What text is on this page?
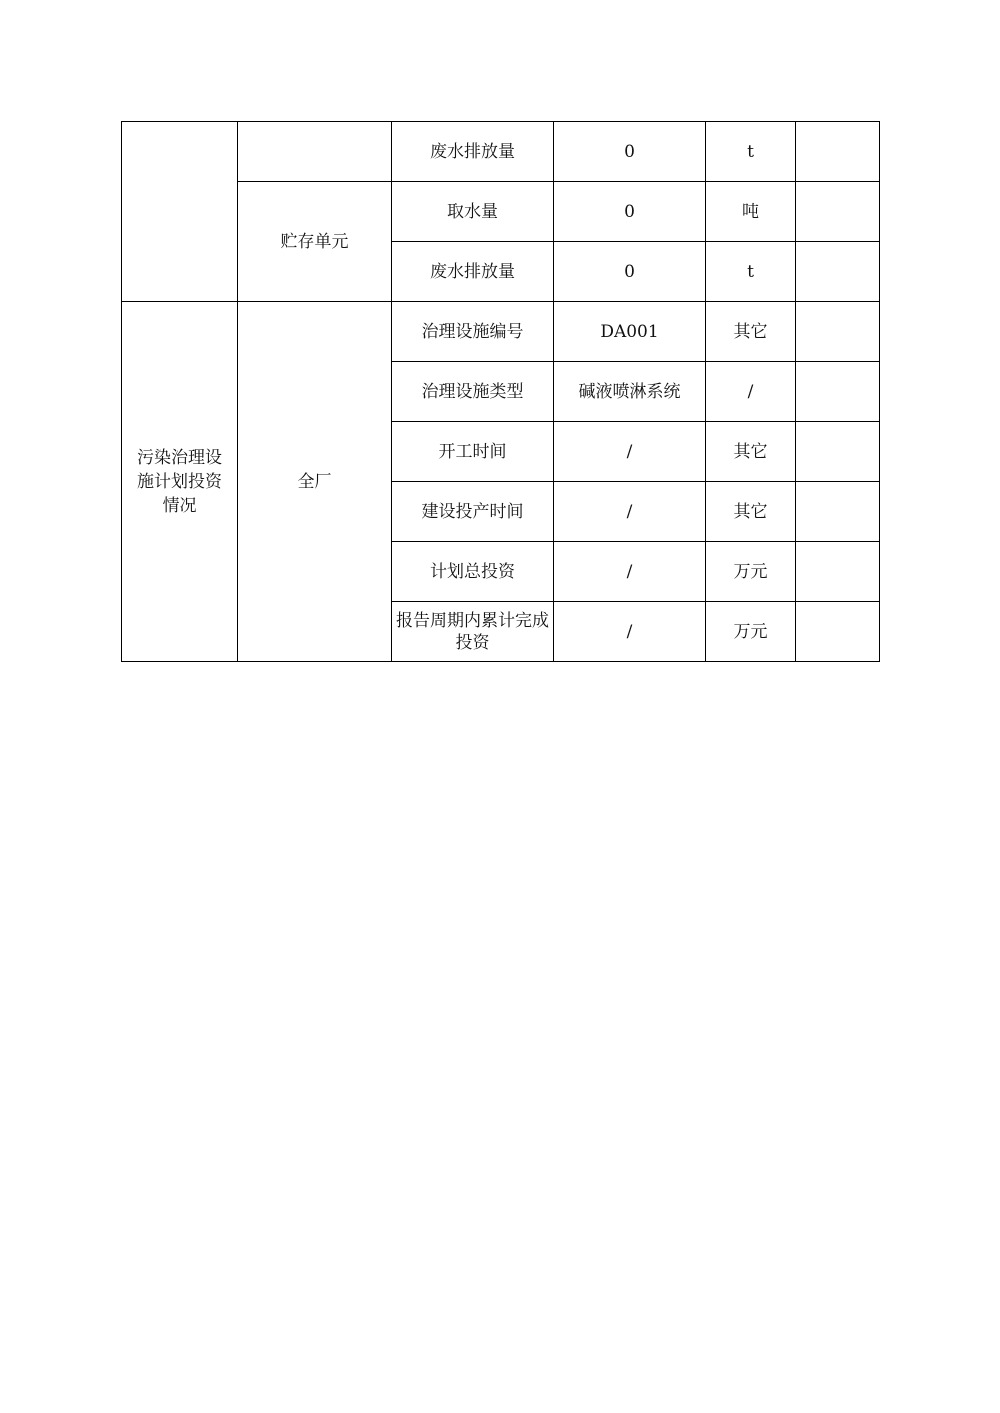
		废水排放量	0	t	
	贮存单元	取水量	0	吨	
		废水排放量	0	t	
污染治理设施计划投资情况	全厂	治理设施编号	DA001	其它	
		治理设施类型	碱液喷淋系统	/	
		开工时间	/	其它	
		建设投产时间	/	其它	
		计划总投资	/	万元	
		报告周期内累计完成投资	/	万元	
